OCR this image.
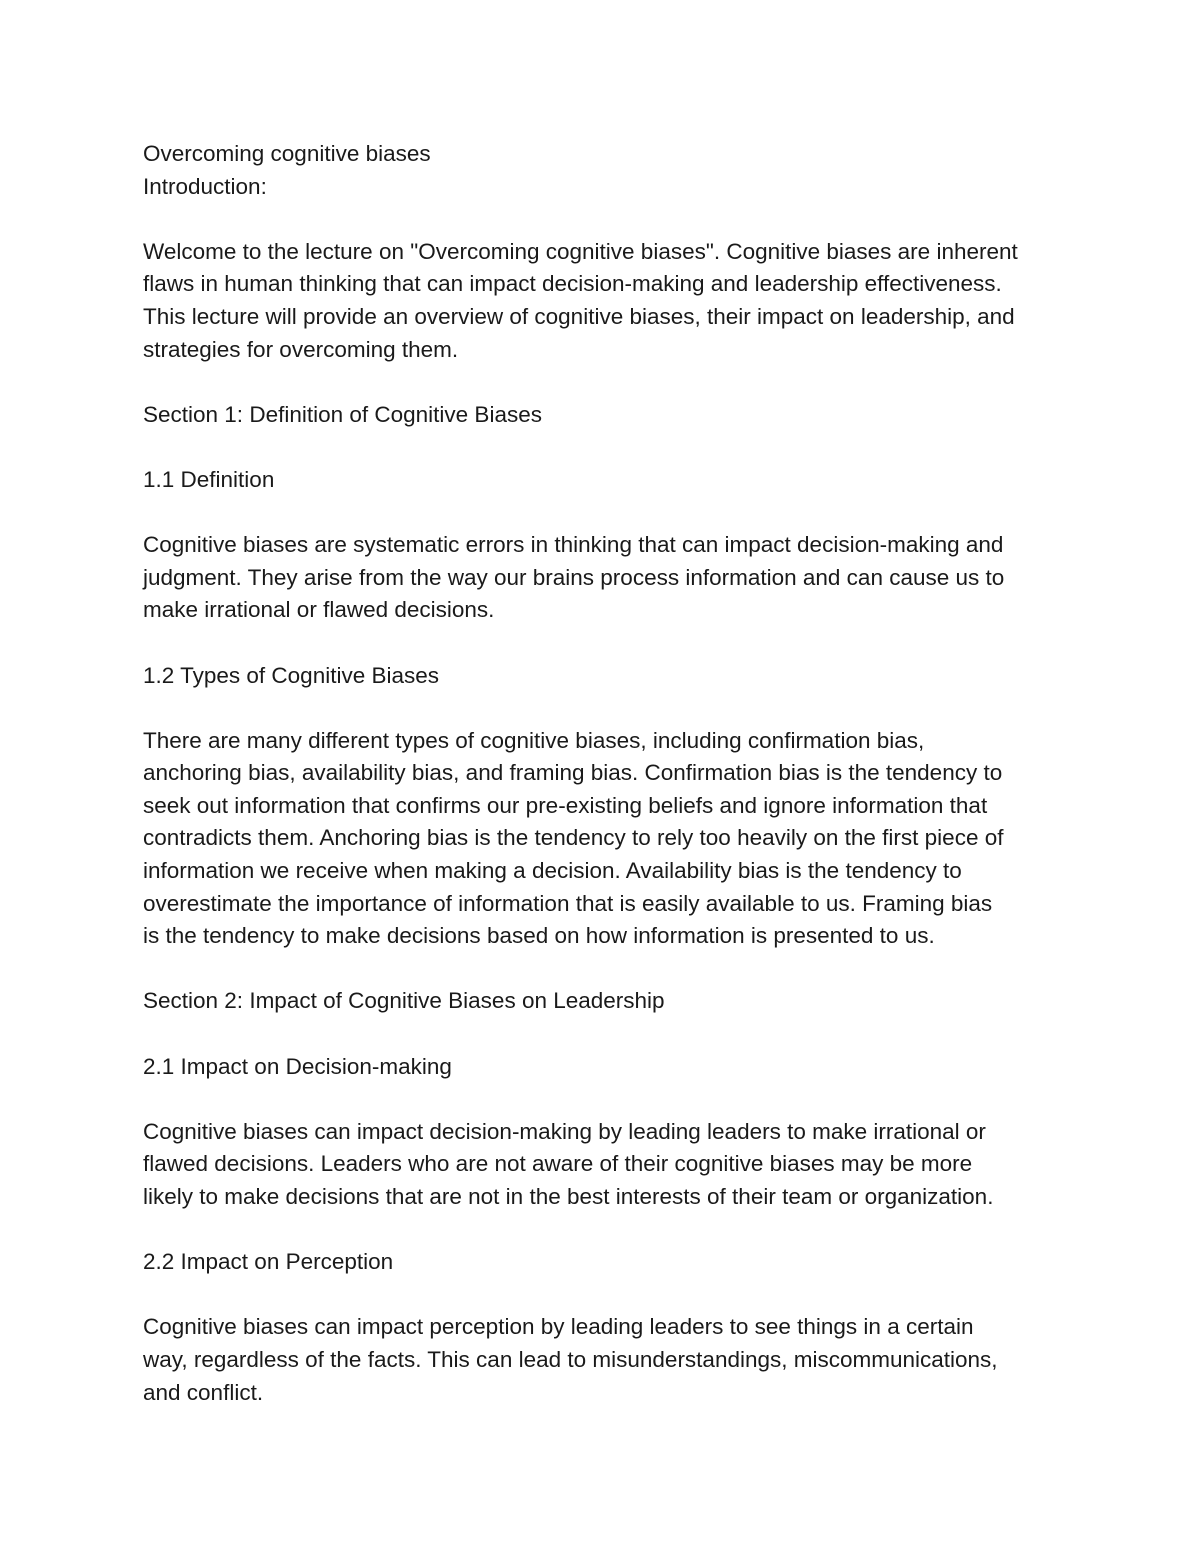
Overcoming cognitive biases
Introduction:

Welcome to the lecture on "Overcoming cognitive biases". Cognitive biases are inherent
flaws in human thinking that can impact decision-making and leadership effectiveness.
This lecture will provide an overview of cognitive biases, their impact on leadership, and
strategies for overcoming them.

Section 1: Definition of Cognitive Biases
1.1 Definition

Cognitive biases are systematic errors in thinking that can impact decision-making and
judgment. They arise from the way our brains process information and can cause us to
make irrational or flawed decisions.

1.2 Types of Cognitive Biases

There are many different types of cognitive biases, including confirmation bias,
anchoring bias, availability bias, and framing bias. Confirmation bias is the tendency to
seek out information that confirms our pre-existing beliefs and ignore information that
contradicts them. Anchoring bias is the tendency to rely too heavily on the first piece of
information we receive when making a decision. Availability bias is the tendency to
overestimate the importance of information that is easily available to us. Framing bias
is the tendency to make decisions based on how information is presented to us.

Section 2: Impact of Cognitive Biases on Leadership
2.1 Impact on Decision-making

Cognitive biases can impact decision-making by leading leaders to make irrational or
flawed decisions. Leaders who are not aware of their cognitive biases may be more
likely to make decisions that are not in the best interests of their team or organization.

2.2 Impact on Perception

Cognitive biases can impact perception by leading leaders to see things in a certain
way, regardless of the facts. This can lead to misunderstandings, miscommunications,
and conflict.
